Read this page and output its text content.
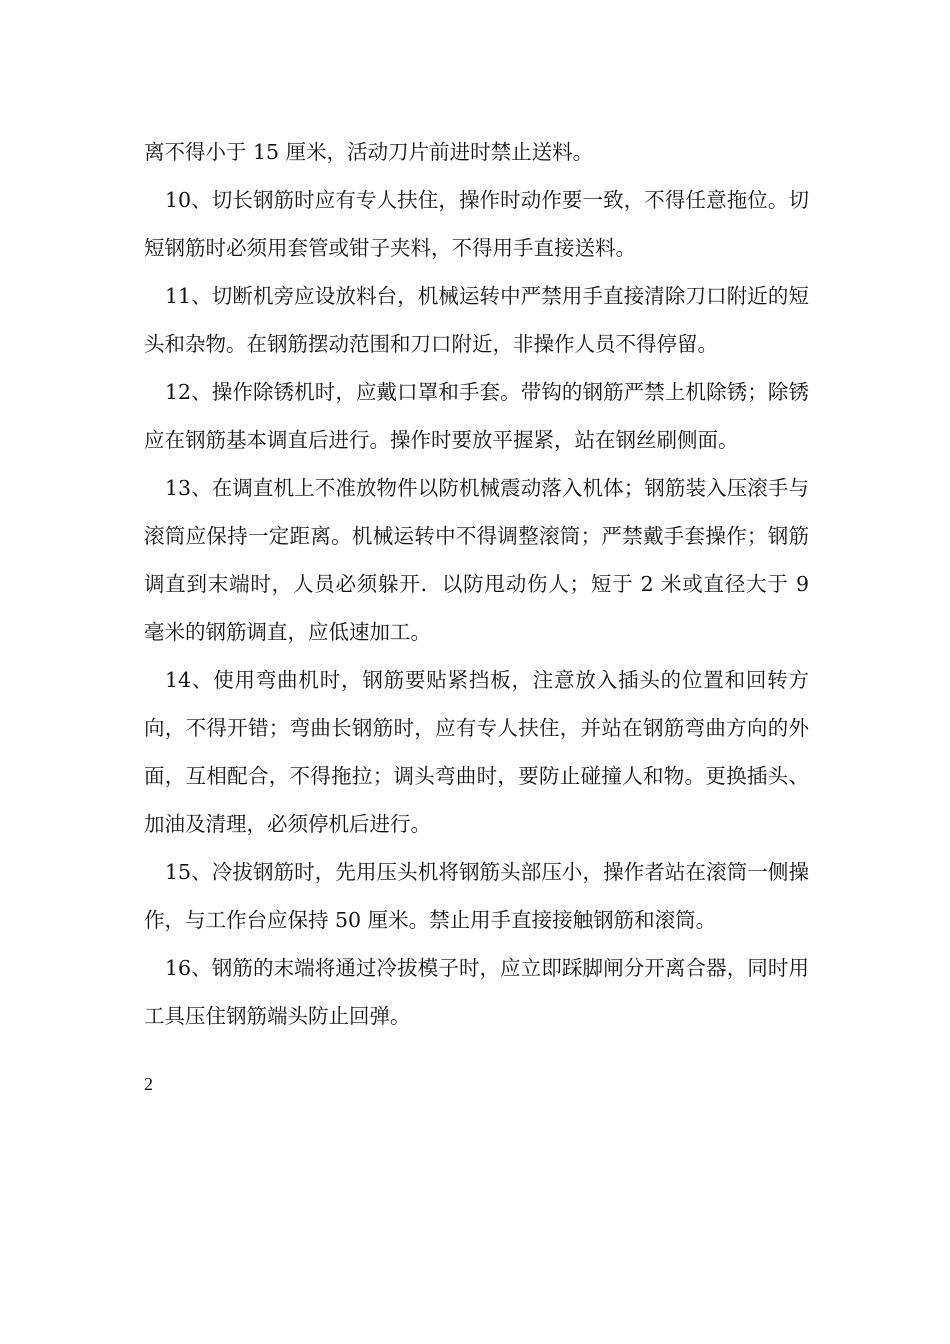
离不得小于 15 厘米，活动刀片前进时禁止送料。

10、切长钢筋时应有专人扶住，操作时动作要一致，不得任意拖位。切短钢筋时必须用套管或钳子夹料，不得用手直接送料。

11、切断机旁应设放料台，机械运转中严禁用手直接清除刀口附近的短头和杂物。在钢筋摆动范围和刀口附近，非操作人员不得停留。

12、操作除锈机时，应戴口罩和手套。带钩的钢筋严禁上机除锈；除锈应在钢筋基本调直后进行。操作时要放平握紧，站在钢丝刷侧面。

13、在调直机上不准放物件以防机械震动落入机体；钢筋装入压滚手与滚筒应保持一定距离。机械运转中不得调整滚筒；严禁戴手套操作；钢筋调直到末端时，人员必须躲开．以防甩动伤人；短于 2 米或直径大于 9 毫米的钢筋调直，应低速加工。

14、使用弯曲机时，钢筋要贴紧挡板，注意放入插头的位置和回转方向，不得开错；弯曲长钢筋时，应有专人扶住，并站在钢筋弯曲方向的外面，互相配合，不得拖拉；调头弯曲时，要防止碰撞人和物。更换插头、加油及清理，必须停机后进行。

15、冷拔钢筋时，先用压头机将钢筋头部压小，操作者站在滚筒一侧操作，与工作台应保持 50 厘米。禁止用手直接接触钢筋和滚筒。

16、钢筋的末端将通过冷拔模子时，应立即踩脚闸分开离合器，同时用工具压住钢筋端头防止回弹。

2
